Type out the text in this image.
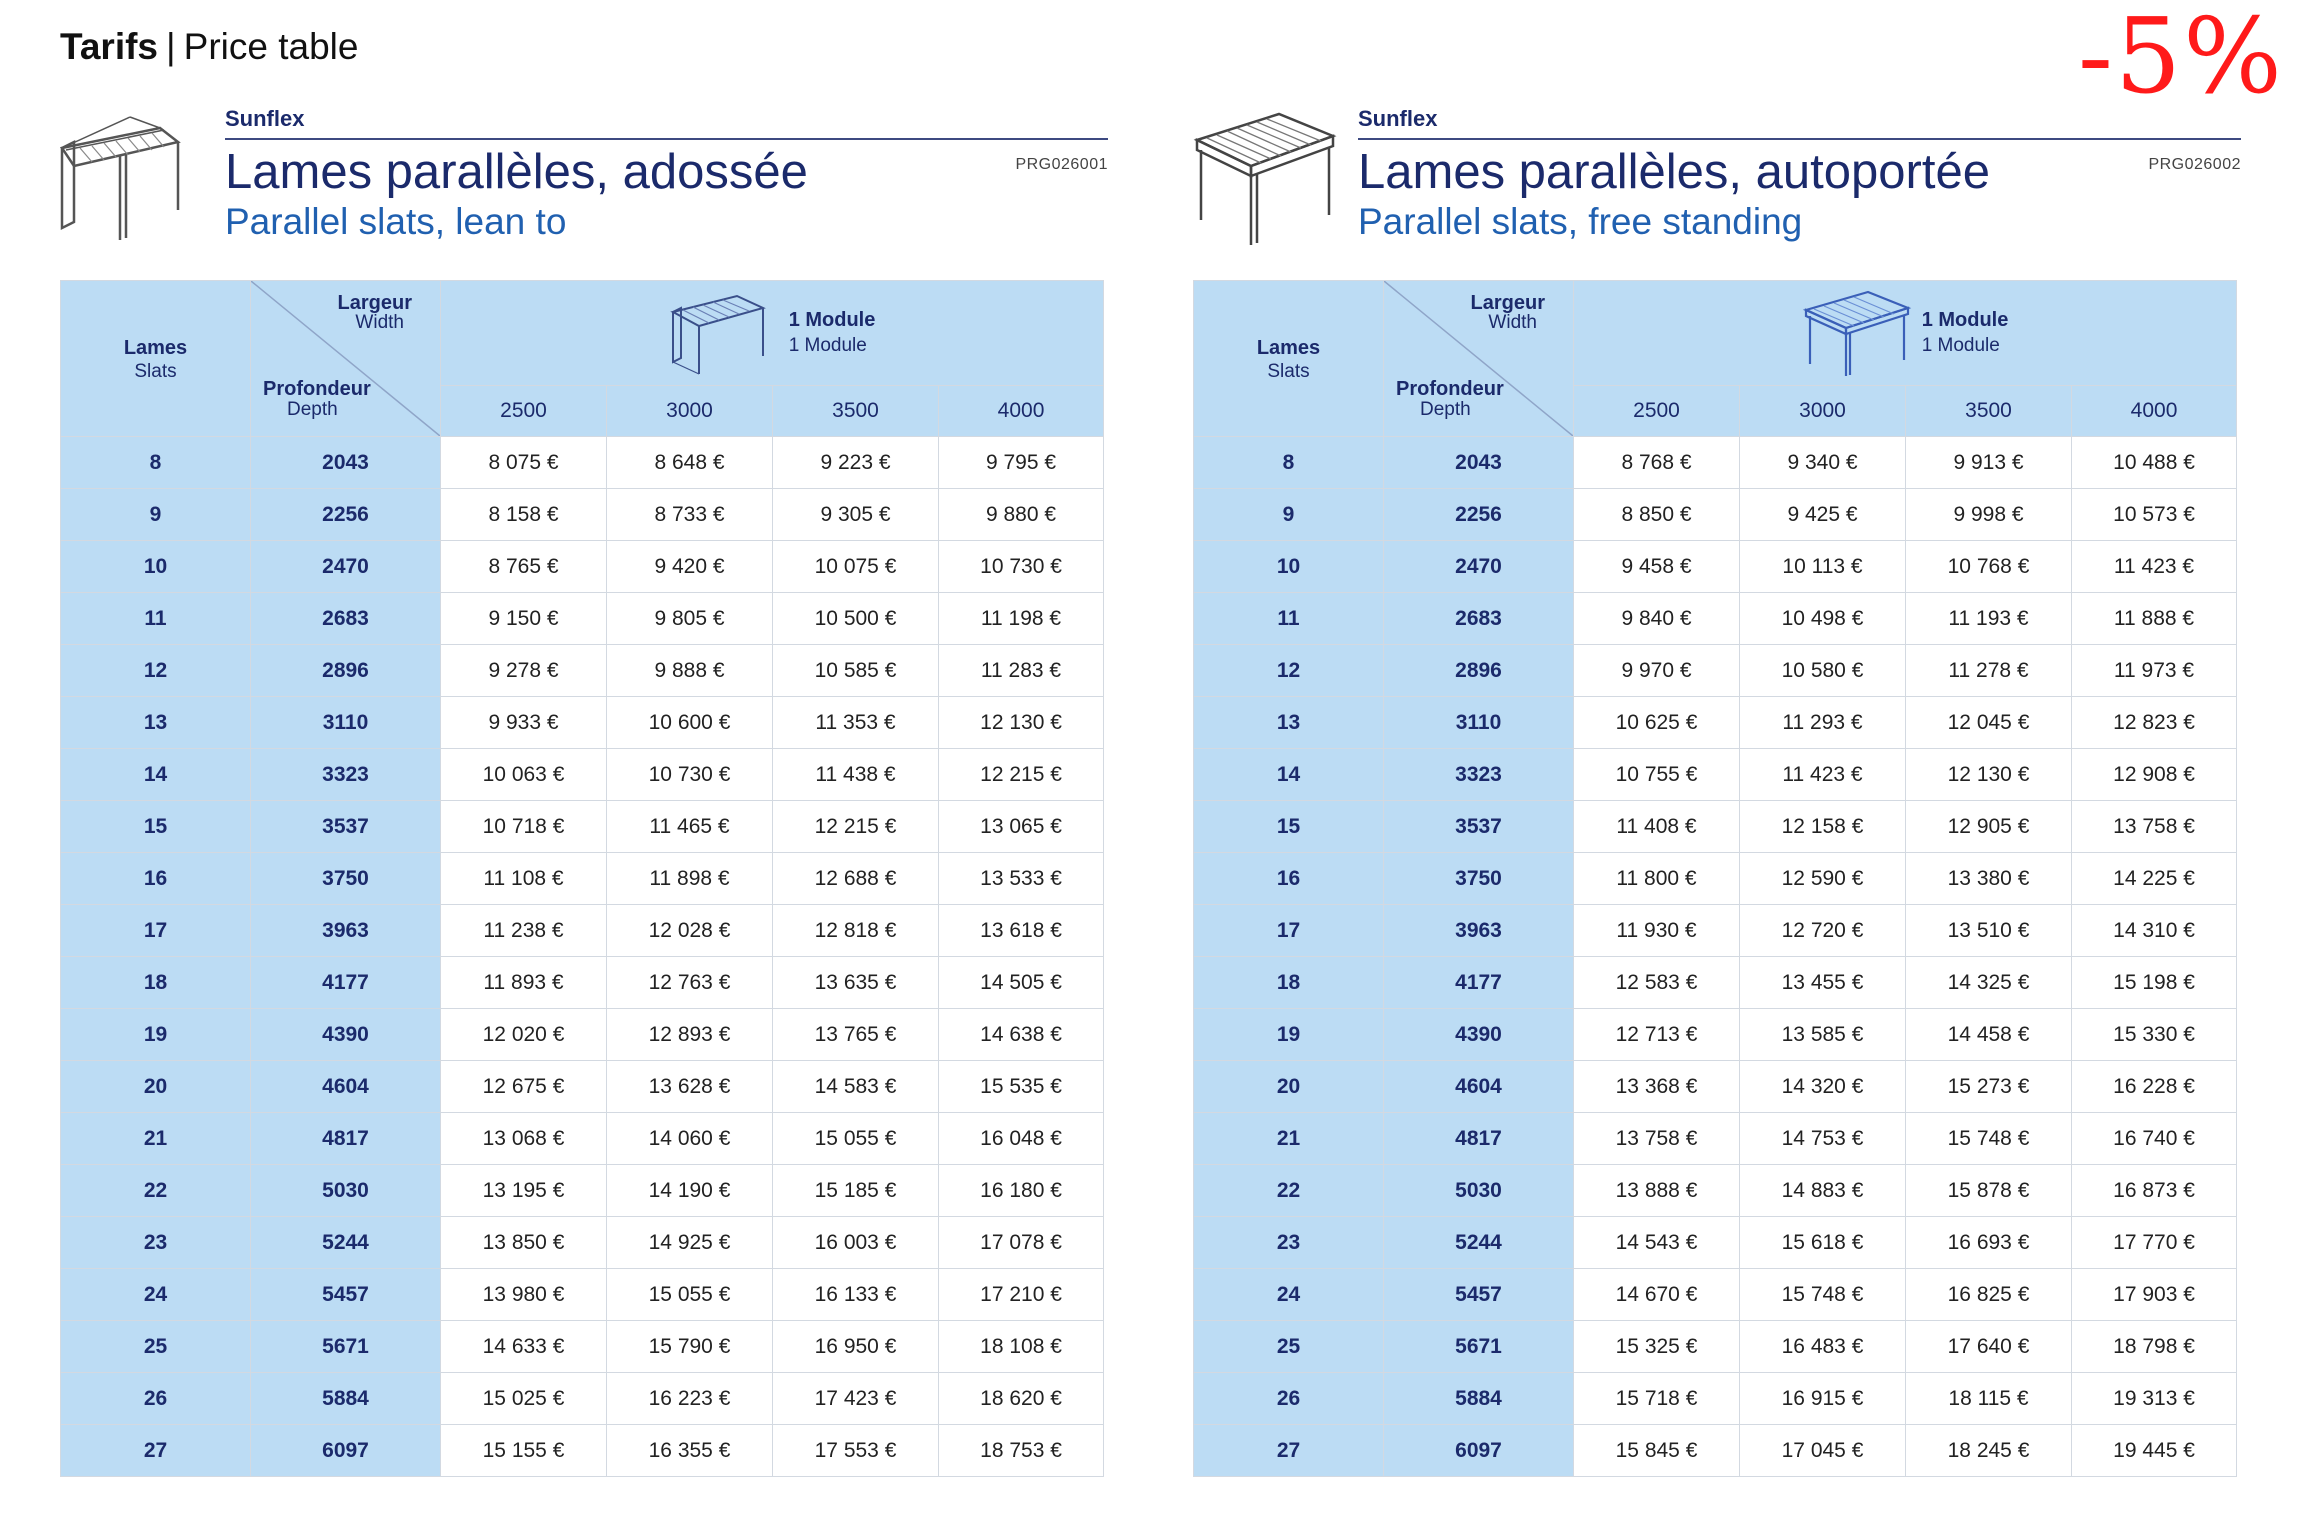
Tarifs | Price table	-5%
Sunflex
PRG026001
Lames parallèles, adossée
Parallel slats, lean to
Lames
Slats	Largeur
Width
Profondeur
Depth	1 Module
1 Module			

		2500	3000	3500	4000
8	2043	8 075 €	8 648 €	9 223 €	9 795 €
9	2256	8 158 €	8 733 €	9 305 €	9 880 €
10	2470	8 765 €	9 420 €	10 075 €	10 730 €
11	2683	9 150 €	9 805 €	10 500 €	11 198 €
12	2896	9 278 €	9 888 €	10 585 €	11 283 €
13	3110	9 933 €	10 600 €	11 353 €	12 130 €
14	3323	10 063 €	10 730 €	11 438 €	12 215 €
15	3537	10 718 €	11 465 €	12 215 €	13 065 €
16	3750	11 108 €	11 898 €	12 688 €	13 533 €
17	3963	11 238 €	12 028 €	12 818 €	13 618 €
18	4177	11 893 €	12 763 €	13 635 €	14 505 €
19	4390	12 020 €	12 893 €	13 765 €	14 638 €
20	4604	12 675 €	13 628 €	14 583 €	15 535 €
21	4817	13 068 €	14 060 €	15 055 €	16 048 €
22	5030	13 195 €	14 190 €	15 185 €	16 180 €
23	5244	13 850 €	14 925 €	16 003 €	17 078 €
24	5457	13 980 €	15 055 €	16 133 €	17 210 €
25	5671	14 633 €	15 790 €	16 950 €	18 108 €
26	5884	15 025 €	16 223 €	17 423 €	18 620 €
27	6097	15 155 €	16 355 €	17 553 €	18 753 €
Sunflex
PRG026002
Lames parallèles, autoportée
Parallel slats, free standing
Lames
Slats	Largeur
Width
Profondeur
Depth	1 Module
1 Module			

		2500	3000	3500	4000
8	2043	8 768 €	9 340 €	9 913 €	10 488 €
9	2256	8 850 €	9 425 €	9 998 €	10 573 €
10	2470	9 458 €	10 113 €	10 768 €	11 423 €
11	2683	9 840 €	10 498 €	11 193 €	11 888 €
12	2896	9 970 €	10 580 €	11 278 €	11 973 €
13	3110	10 625 €	11 293 €	12 045 €	12 823 €
14	3323	10 755 €	11 423 €	12 130 €	12 908 €
15	3537	11 408 €	12 158 €	12 905 €	13 758 €
16	3750	11 800 €	12 590 €	13 380 €	14 225 €
17	3963	11 930 €	12 720 €	13 510 €	14 310 €
18	4177	12 583 €	13 455 €	14 325 €	15 198 €
19	4390	12 713 €	13 585 €	14 458 €	15 330 €
20	4604	13 368 €	14 320 €	15 273 €	16 228 €
21	4817	13 758 €	14 753 €	15 748 €	16 740 €
22	5030	13 888 €	14 883 €	15 878 €	16 873 €
23	5244	14 543 €	15 618 €	16 693 €	17 770 €
24	5457	14 670 €	15 748 €	16 825 €	17 903 €
25	5671	15 325 €	16 483 €	17 640 €	18 798 €
26	5884	15 718 €	16 915 €	18 115 €	19 313 €
27	6097	15 845 €	17 045 €	18 245 €	19 445 €
